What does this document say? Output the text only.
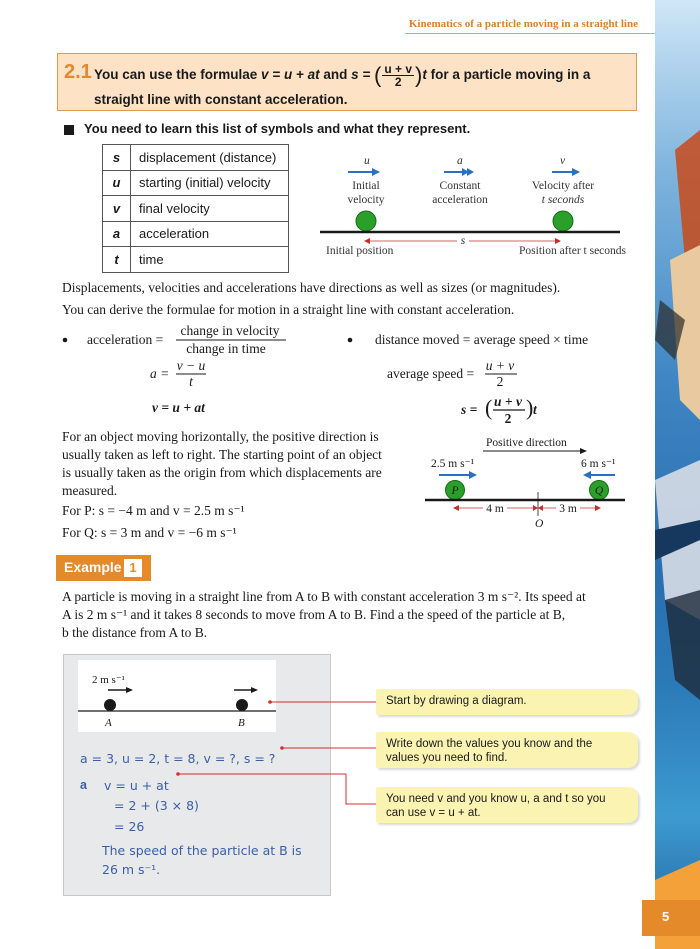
Kinematics of a particle moving in a straight line
2.1 You can use the formulae v = u + at and s = ( $\frac{u + v}{2} )t$ for a particle moving in a straight line with constant acceleration.
You need to learn this list of symbols and what they represent.
s	displacement (distance)
u	starting (initial) velocity
v	final velocity
a	acceleration
t	time
u
Initial
velocity
a
Constant
acceleration
v
Velocity after
t seconds
s
Initial position	Position after t seconds
Displacements, velocities and accelerations have directions as well as sizes (or magnitudes).
You can derive the formulae for motion in a straight line with constant acceleration.
acceleration =
change in velocity
change in time
a =
v − u
t
v = u + at
distance moved = average speed × time
average speed =
u + v
2
s = ( u + v
2 ) t
For an object moving horizontally, the positive direction is
usually taken as left to right. The starting point of an object
is usually taken as the origin from which displacements are
measured.
For P: s = −4 m and v = 2.5 m s⁻¹
For Q: s = 3 m and v = −6 m s⁻¹
Positive direction
2.5 m s⁻¹	6 m s⁻¹
P	Q
4 m	3 m
O
Example 1
A particle is moving in a straight line from A to B with constant acceleration 3 m s⁻². Its speed at
A is 2 m s⁻¹ and it takes 8 seconds to move from A to B. Find a the speed of the particle at B,
b the distance from A to B.
2 m s⁻¹
A	B
a = 3, u = 2, t = 8, v = ?, s = ?
a v = u + at
= 2 + (3 × 8)
= 26
The speed of the particle at B is
26 m s⁻¹.
Start by drawing a diagram.
Write down the values you know and the
values you need to find.
You need v and you know u, a and t so you
can use v = u + at.
5
